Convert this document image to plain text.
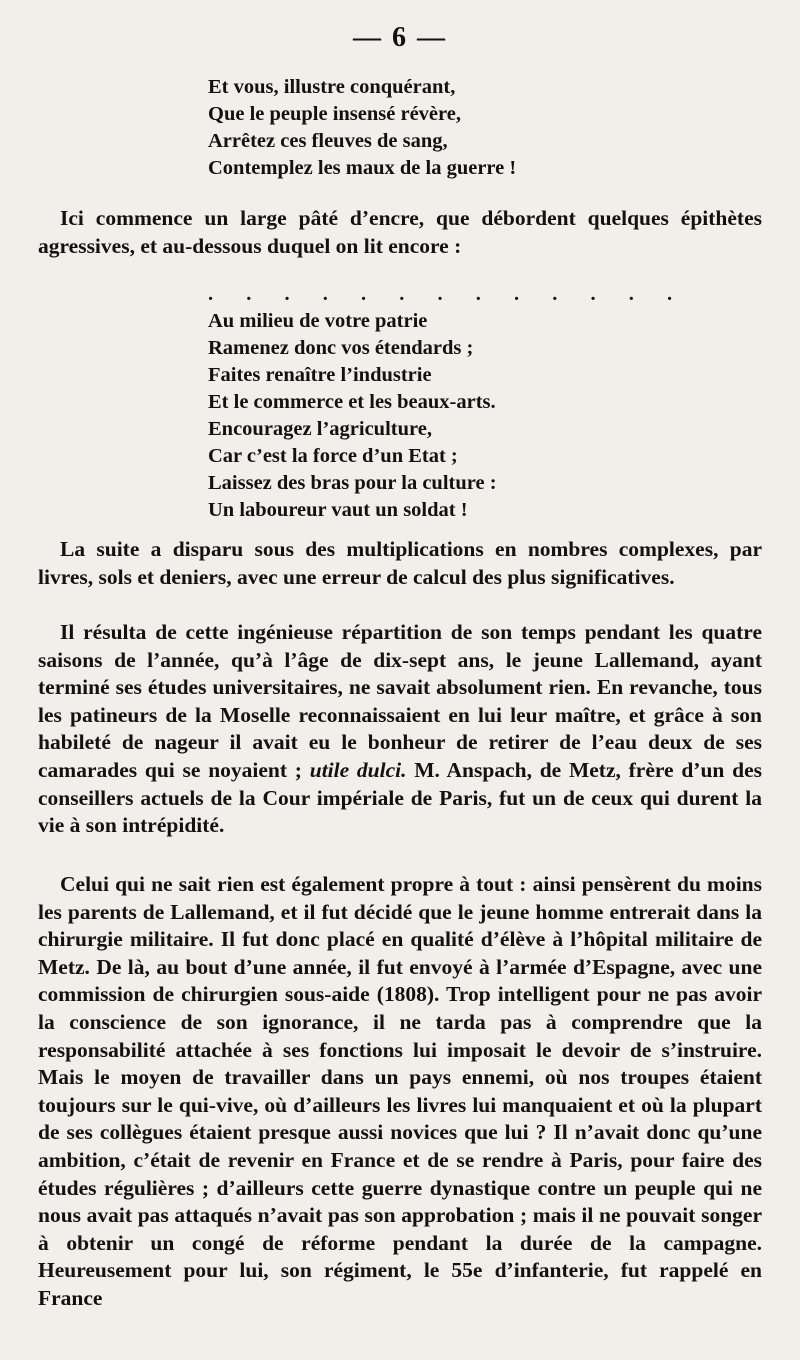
— 6 —
Et vous, illustre conquérant,
Que le peuple insensé révère,
Arrêtez ces fleuves de sang,
Contemplez les maux de la guerre !

Ici commence un large pâté d’encre, que débordent quelques épithètes agressives, et au-dessous duquel on lit encore :

. . . . . . . . . . . . .
Au milieu de votre patrie
Ramenez donc vos étendards ;
Faites renaître l’industrie
Et le commerce et les beaux-arts.
Encouragez l’agriculture,
Car c’est la force d’un Etat ;
Laissez des bras pour la culture :
Un laboureur vaut un soldat !

La suite a disparu sous des multiplications en nombres complexes, par livres, sols et deniers, avec une erreur de calcul des plus significatives.

Il résulta de cette ingénieuse répartition de son temps pendant les quatre saisons de l’année, qu’à l’âge de dix-sept ans, le jeune Lallemand, ayant terminé ses études universitaires, ne savait absolument rien. En revanche, tous les patineurs de la Moselle reconnaissaient en lui leur maître, et grâce à son habileté de nageur il avait eu le bonheur de retirer de l’eau deux de ses camarades qui se noyaient ; utile dulci. M. Anspach, de Metz, frère d’un des conseillers actuels de la Cour impériale de Paris, fut un de ceux qui durent la vie à son intrépidité.

Celui qui ne sait rien est également propre à tout : ainsi pensèrent du moins les parents de Lallemand, et il fut décidé que le jeune homme entrerait dans la chirurgie militaire. Il fut donc placé en qualité d’élève à l’hôpital militaire de Metz. De là, au bout d’une année, il fut envoyé à l’armée d’Espagne, avec une commission de chirurgien sous-aide (1808). Trop intelligent pour ne pas avoir la conscience de son ignorance, il ne tarda pas à comprendre que la responsabilité attachée à ses fonctions lui imposait le devoir de s’instruire. Mais le moyen de travailler dans un pays ennemi, où nos troupes étaient toujours sur le qui-vive, où d’ailleurs les livres lui manquaient et où la plupart de ses collègues étaient presque aussi novices que lui ? Il n’avait donc qu’une ambition, c’était de revenir en France et de se rendre à Paris, pour faire des études régulières ; d’ailleurs cette guerre dynastique contre un peuple qui ne nous avait pas attaqués n’avait pas son approbation ; mais il ne pouvait songer à obtenir un congé de réforme pendant la durée de la campagne. Heureusement pour lui, son régiment, le 55e d’infanterie, fut rappelé en France
